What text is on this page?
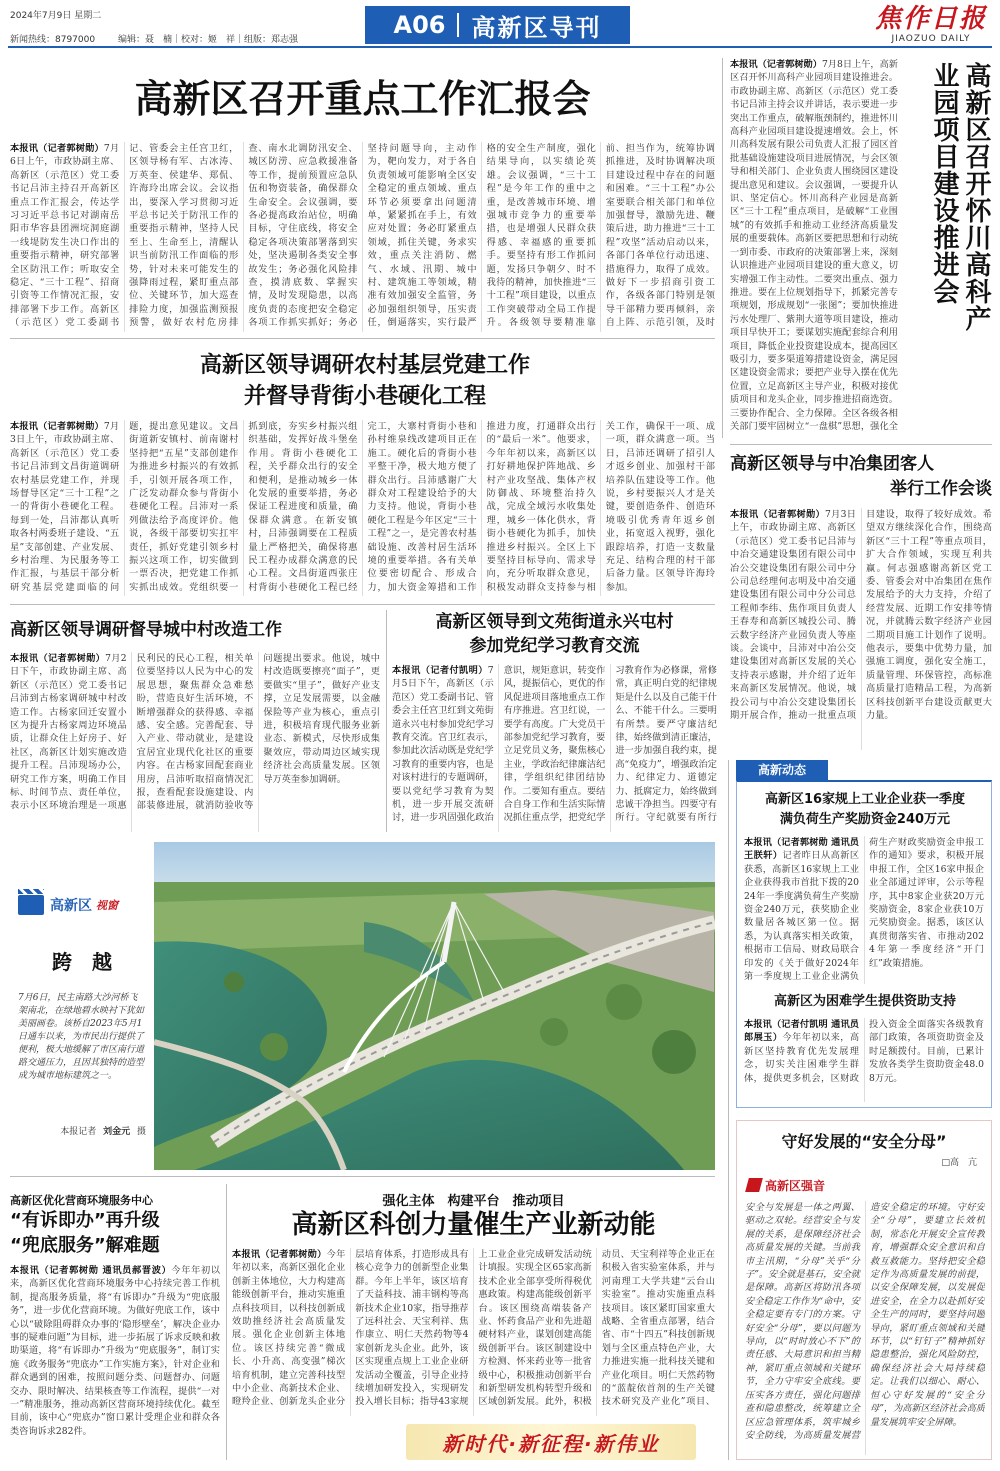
2024年7月9日 星期二
新闻热线：8797000	编辑：聂　楠｜校对：姬　祥｜组版：郑志强
A06 高新区导刊	焦作日报
JIAOZUO DAILY
高新区召开重点工作汇报会
本报讯（记者郭树勋）7月6日上午，市政协副主席、高新区（示范区）党工委书记吕沛主持召开高新区重点工作汇报会，传达学习习近平总书记对湖南岳阳市华容县团洲垸洞庭湖一线堤防发生决口作出的重要指示精神，研究部署全区防汛工作；听取安全稳定、“三十工程”、招商引资等工作情况汇报，安排部署下步工作。高新区（示范区）党工委副书记、管委会主任宫卫红，区领导杨有军、古冰涛、万英奎、侯建华、郑侃、许海玲出席会议。会议指出，要深入学习贯彻习近平总书记关于防汛工作的重要指示精神，坚持人民至上、生命至上，清醒认识当前防汛工作面临的形势，针对未来可能发生的强降雨过程，紧盯重点部位、关键环节，加大巡查排险力度，加强监测预报预警，做好农村危房排查、南水北调防汛安全、城区防涝、应急救援准备等工作，提前预置应急队伍和物资装备，确保群众生命安全。会议强调，要各必提高政治站位，明确目标，守住底线，将安全稳定各项决策部署落到实处，坚决遏制各类安全事故发生；务必强化风险排查，摸清底数、掌握实情，及时发现隐患，以高度负责的态度把安全稳定各项工作抓实抓好；务必坚持问题导向，主动作为，靶向发力，对于各自负责领域可能影响全区安全稳定的重点领域、重点环节必须要拿出问题清单，紧紧抓在手上，有效应对处置；务必盯紧重点领域，抓住关键，务求实效，重点关注消防、燃气、水域、汛期、城中村、建筑施工等领域，精准有效加强安全监管，务必加强组织领导，压实责任，倒逼落实，实行最严格的安全生产制度，强化结果导向，以实绩论英雄。会议强调，“三十工程”是今年工作的重中之重，是改善城市环境、增强城市竞争力的重要举措，也是增强人民群众获得感、幸福感的重要抓手。要坚持有形工作抓问题，发扬只争朝夕、时不我待的精神，加快推进“三十工程”项目建设，以重点工作突破带动全局工作提升。各级领导要精准靠前、担当作为，统筹协调抓推进，及时协调解决项目建设过程中存在的问题和困难。“三十工程”办公室要联合相关部门和单位加强督导，激励先进、鞭策后进，助力推进“三十工程”攻坚”活动启动以来，各部门各单位行动迅速、措施得力，取得了成效。做好下一步招商引资工作，各级各部门特别是领导干部精力要再倾斜，亲自上阵、示范引领，及时
本报讯（记者郭树勋）7月8日上午，高新区召开怀川高科产业园项目建设推进会。市政协副主席、高新区（示范区）党工委书记吕沛主持会议并讲话，表示要进一步突出工作重点，破解瓶颈制约，推进怀川高科产业园项目建设提速增效。会上，怀川高科发展有限公司负责人汇报了园区首批基础设施建设项目进展情况，与会区领导和相关部门、企业负责人围绕园区建设提出意见和建议。会议强调，一要提升认识、坚定信心。怀川高科产业园是高新区“三十工程”重点项目，是破解“工业围城”的有效抓手和推动工业经济高质量发展的重要载体。高新区要把思想和行动统一到市委、市政府的决策部署上来，深刻认识推进产业园项目建设的重大意义，切实增强工作主动性。二要突出重点、强力推进。要在上位规划指导下，抓紧完善专项规划，形成规划“一张图”；要加快推进污水处理厂、紫荆大道等项目建设，推动项目早快开工；要谋划实施配套综合利用项目，降低企业投资建设成本，提高园区吸引力，要多渠道筹措建设资金，满足园区建设资金需求；要把产业导入摆在优先位置，立足高新区主导产业，积极对接优质项目和龙头企业，同步推进招商选资。三要协作配合、全力保障。全区各级各相关部门要牢固树立“一盘棋”思想，强化全
高新区召开怀川高科产业园项目建设推进会
高新区领导调研农村基层党建工作
并督导背街小巷硬化工程
本报讯（记者郭树勋）7月3日上午，市政协副主席、高新区（示范区）党工委书记吕沛到文昌街道调研农村基层党建工作，并现场督导区定“三十工程”之一的背街小巷硬化工程。每到一处，吕沛都认真听取各村两委班子建设、“五星”支部创建、产业发展、乡村治理、为民服务等工作汇报，与基层干部分析研究基层党建面临的问题，提出意见建议。文昌街道新安镇村、前南谢村坚持把“五星”支部创建作为推进乡村振兴的有效抓手，引领开展各项工作，广泛发动群众参与背街小巷硬化工程。吕沛对一系列做法给予高度评价。他说，各级干部要切实扛牢责任，抓好党建引领乡村振兴这项工作，切实做到一票否决，把党建工作抓实抓出成效。党组织要一抓到底，夯实乡村振兴组织基础，发挥好战斗堡垒作用。背街小巷硬化工程，关乎群众出行的安全和便利，是推动城乡一体化发展的重要举措，务必保证工程进度和质量，确保群众满意。在新安镇村，吕沛强调要在工程质量上严格把关，确保将惠民工程办成群众满意的民心工程。文昌街道西张庄村背街小巷硬化工程已经完工，大寨村背街小巷和孙村维泉线改建项目正在施工。硬化后的背街小巷平整干净，极大地方便了群众出行。吕沛感谢广大群众对工程建设给予的大力支持。他说，背街小巷硬化工程是今年区定“三十工程”之一，是完善农村基础设施、改善村居生活环境的重要举措。各有关单位要密切配合、形成合力，加大资金筹措和工作推进力度，打通群众出行的“最后一米”。他要求，今年年初以来，高新区以打好耕地保护阵地战、乡村产业攻坚战、集体产权防御战、环境整治持久战，完成全域污水收集处理，城乡一体化供水，背街小巷硬化为抓手，加快推进乡村振兴。全区上下要坚持目标导向、需求导向，充分听取群众意见，积极发动群众支持参与相关工作，确保干一项、成一项，群众满意一项。当日，吕沛还调研了招引人才返乡创业、加强村干部培养队伍建设等工作。他说，乡村要振兴人才是关键，要创造条件、创造环境吸引优秀青年返乡创业，拓宽返入视野，强化跟踪培养，打造一支数量充足、结构合理的村干部后备力量。区领导许海玲参加。
高新区领导与中冶集团客人
举行工作会谈
本报讯（记者郭树勋）7月3日上午，市政协副主席、高新区（示范区）党工委书记吕沛与中冶交通建设集团有限公司中冶公交建设集团有限公司中分公司总经理何志明及中冶交通建设集团有限公司中分公司总工程师李纬、焦作项目负责人王春寿和高新区城投公司、腾云数字经济产业园负责人等座谈。会谈中，吕沛对中冶公交建设集团对高新区发展的关心支持表示感谢，并介绍了近年来高新区发展情况。他说，城投公司与中冶公交建设集团长期开展合作，推动一批重点项目建设，取得了较好成效。希望双方继续深化合作，围绕高新区“三十工程”等重点项目，扩大合作领域，实现互利共赢。何志强感谢高新区党工委、管委会对中冶集团在焦作发展给予的大力支持，介绍了经营发展、近期工作安排等情况，并就腾云数字经济产业园二期项目施工计划作了说明。他表示，要集中优势力量，加强施工调度，强化安全施工，质量管理、环保管控，高标准高质量打造精品工程，为高新区科技创新平台建设贡献更大力量。
高新区领导调研督导城中村改造工作
本报讯（记者郭树勋）7月2日下午，市政协副主席、高新区（示范区）党工委书记吕沛到古杨家调研城中村改造工作。古杨家回迁安置小区为提升古杨家周边环境品质，让群众住上好房子、好社区，高新区计划实施改造提升工程。吕沛现场办公，研究工作方案，明确工作目标、时间节点、责任单位，表示小区环境治理是一项惠民利民的民心工程，相关单位要坚持以人民为中心的发展思想，聚焦群众急难愁盼，营造良好生活环境，不断增强群众的获得感、幸福感、安全感。完善配套、导入产业、带动就业，是建设宜居宜业现代化社区的重要内容。在古杨家回配套商业用房，吕沛听取招商情况汇报，查看配套设施建设、内部装修进展，就消防验收等问题提出要求。他说，城中村改造既要擦亮“面子”，更要做实“里子”，做好产业支撑，立足发展需要，以金融保险等产业为核心，重点引进，积极培育现代服务业新业态、新模式，尽快形成集聚效应，带动周边区域实现经济社会高质量发展。区领导万英奎参加调研。
高新区领导到文苑街道永兴屯村
参加党纪学习教育交流
本报讯（记者付凯明）7月5日下午，高新区（示范区）党工委副书记、管委会主任宫卫红到文苑街道永兴屯村参加党纪学习教育交流。宫卫红表示，参加此次活动既是党纪学习教育的重要内容，也是对该村进行的专题调研，要以党纪学习教育为契机，进一步开展交流研讨，进一步巩固强化政治意识，规矩意识，转变作风，提振信心，更优的作风促进项目落地重点工作有序推进。宫卫红说，一要学有高度。广大党员干部参加党纪学习教育，要立足党员义务，聚焦核心主业，学政治纪律廉洁纪律，学组织纪律团结协作。二要知有重点。要结合自身工作和生活实际情况抓住重点学，把党纪学习教育作为必修课，常修常，真正明白党的纪律规矩是什么以及自己能干什么、不能干什么。三要明有所禁。要严守廉洁纪律，始终做到清正廉洁，进一步加强自我约束，提高“免疫力”，增强政治定力、纪律定力、道德定力、抵腐定力，始终做到忠诚干净担当。四要守有所行。守纪就要有所行
高新动态
高新区16家规上工业企业获一季度
满负荷生产奖励资金240万元
本报讯（记者郭树勋 通讯员王朕轩）记者昨日从高新区获悉，高新区16家规上工业企业获得我市首批下拨的2024年一季度满负荷生产奖励资金240万元，获奖励企业数量居各城区第一位。据悉，为认真落实相关政策，根据市工信局、财政局联合印发的《关于做好2024年第一季度规上工业企业满负荷生产财政奖励资金申报工作的通知》要求，积极开展申报工作，全区16家申报企业全部通过评审，公示等程序，其中8家企业获20万元奖励资金，8家企业获10万元奖励资金。据悉，该区认真贯彻落实省、市推动2024年第一季度经济“开门红”政策措施。
高新区为困难学生提供资助支持
本报讯（记者付凯明 通讯员郎展玉）今年年初以来，高新区坚持教育优先发展理念，切实关注困难学生群体，提供更多机会，区财政投入资金全面落实各级教育部门政策，各项资助资金及时足额拨付。目前，已累计发放各类学生资助资金48.08万元。
高新区 视窗
跨　越
7月6日，民主南路大沙河桥飞架南北，在绿地碧水映衬下犹如美丽画卷。该桥自2023年5月1日通车以来，为市民出行提供了便利，极大地缓解了市区南行道路交通压力，且因其独特的造型成为城市地标建筑之一。
本报记者 刘金元 摄	守好发展的“安全分母”
□高　亢
高新区强音
安全与发展是一体之两翼、驱动之双轮。经营安全与发展的关系，是保障经济社会高质量发展的关键。当前我市主汛期，“分母”关乎“分子”。安全就是基石，安全就是保障。高新区将防汛各项安全稳定工作作为“命中，安全稳定要有专门的方案。守好安全“分母”，要以问题为导向，以“时时放心不下”的责任感、大局意识和担当精神，紧盯重点领域和关键环节，全力守牢安全底线。要压实各方责任，强化问题排查和隐患整改，统筹建立全区应急管理体系，筑牢城乡安全防线，为高质量发展营造安全稳定的环境。守好安全“分母”，要建立长效机制，常态化开展安全宣传教育，增强群众安全意识和自救互救能力。坚持把安全稳定作为高质量发展的前提，以安全保障发展，以发展促进安全，在全力以赴抓好安全生产的同时，要坚持问题导向，紧盯重点领域和关键环节，以“钉钉子”精神抓好隐患整治，强化风险防控，确保经济社会大局持续稳定。让我们以细心、耐心、恒心守好发展的“安全分母”，为高新区经济社会高质量发展筑牢安全屏障。
高新区优化营商环境服务中心
“有诉即办”再升级
“兜底服务”解难题
本报讯（记者郭树勋 通讯员郝晋波）今年年初以来，高新区优化营商环境服务中心持续完善工作机制，提高服务质量，将“有诉即办”升级为“兜底服务”，进一步优化营商环境。为做好兜底工作，该中心以“破除阻碍群众办事的‘隐形壁垒’，解决企业办事的疑难问题”为目标，进一步拓展了诉求反映和救助渠道，将“有诉即办”升级为“兜底服务”，制订实施《政务服务“兜底办”工作实施方案》，针对企业和群众遇到的困难，按照问题分类、问题督办、问题交办、限时解决、结果核查等工作流程，提供“一对一”精准服务，推动高新区营商环境持续优化。截至目前，该中心“兜底办”窗口累计受理企业和群众各类咨询诉求282件。
强化主体　构建平台　推动项目
高新区科创力量催生产业新动能
本报讯（记者郭树勋）今年年初以来，高新区强化企业创新主体地位，大力构建高能级创新平台，推动实施重点科技项目，以科技创新成效助推经济社会高质量发展。强化企业创新主体地位。该区持续完善“微成长、小升高、高变强”梯次培育机制，建立完善科技型中小企业、高新技术企业、瞪羚企业、创新龙头企业分层培育体系，打造形成具有核心竞争力的创新型企业集群。今年上半年，该区培育了天益科技、浦丰钢构等高新技术企业10家，指导推荐了远科社会、天宝利祥、焦作康立、明仁天然药物等4家创新龙头企业。此外，该区实现重点规上工业企业研发活动全覆盖，引导企业持续增加研发投入，实现研发投入增长目标；指导43家规上工业企业完成研发活动统计填报。实现全区65家高新技术企业全部享受所得税优惠政策。构建高能级创新平台。该区围绕高端装备产业、怀药食品产业和先进超硬材料产业，谋划创建高能级创新平台。该区制建设中方检测、怀来药业等一批省级中心，积极推动创新平台和新型研发机构转型升级和区域创新发展。此外，积极动员、天宝利祥等企业正在积极入省实验室体系，并与河南理工大学共建“云台山实验室”。推动实施重点科技项目。该区紧盯国家重大战略、全省重点部署，结合省、市“十四五”科技创新规划与全区重点特色产业，大力推进实施一批科技关键和产业化项目。明仁天然药物的“蓝靛依首剂的生产关键技术研究及产业化”项目、
新时代·新征程·新伟业
